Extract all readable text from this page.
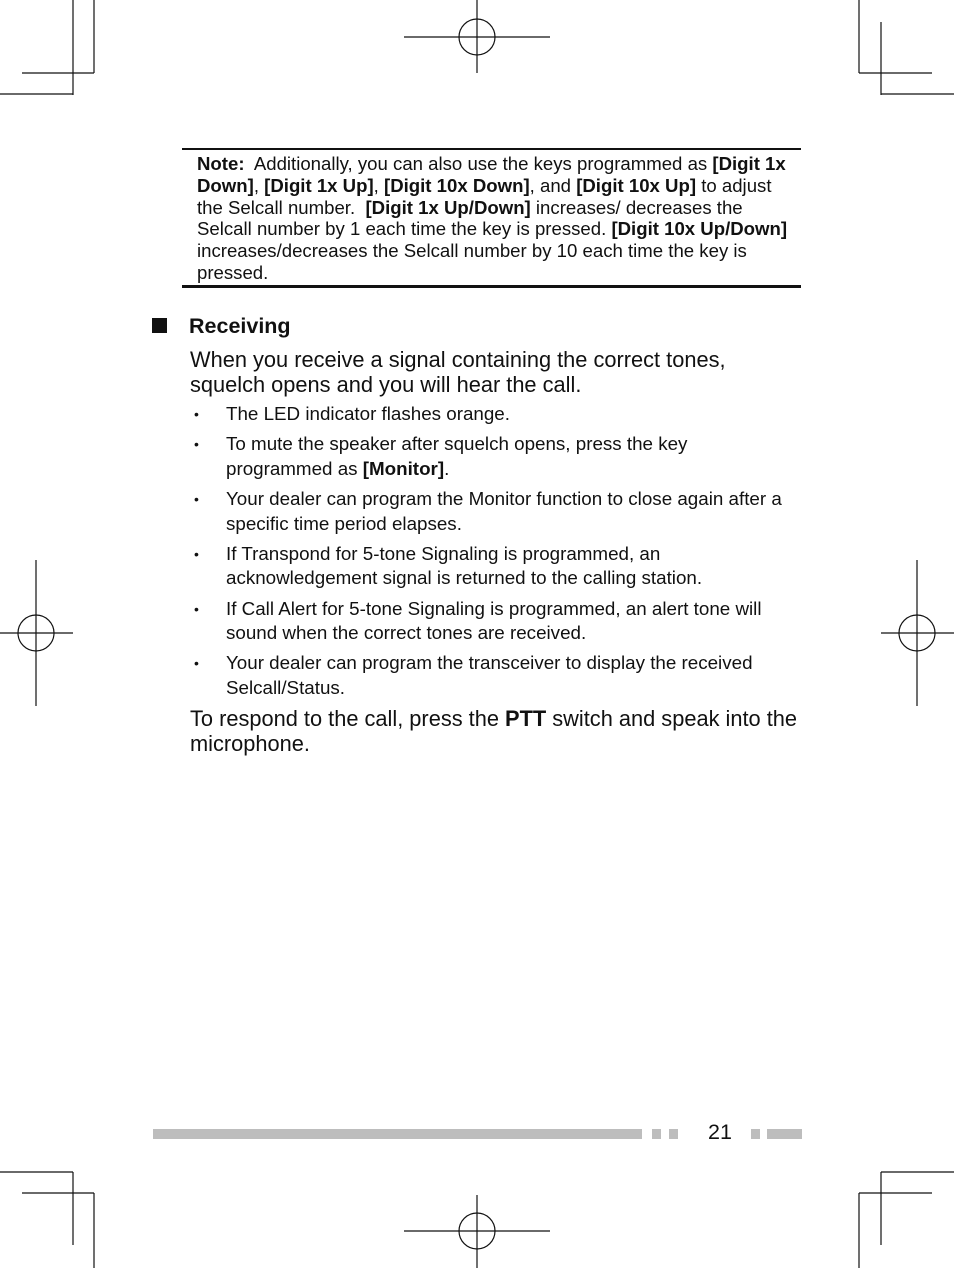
Note: Additionally, you can also use the keys programmed as [Digit 1x Down], [Digit 1x Up], [Digit 10x Down], and [Digit 10x Up] to adjust the Selcall number. [Digit 1x Up/Down] increases/ decreases the Selcall number by 1 each time the key is pressed. [Digit 10x Up/Down] increases/decreases the Selcall number by 10 each time the key is pressed.
Receiving
When you receive a signal containing the correct tones, squelch opens and you will hear the call.
• The LED indicator flashes orange.
• To mute the speaker after squelch opens, press the key programmed as [Monitor].
• Your dealer can program the Monitor function to close again after a specific time period elapses.
• If Transpond for 5-tone Signaling is programmed, an acknowledgement signal is returned to the calling station.
• If Call Alert for 5-tone Signaling is programmed, an alert tone will sound when the correct tones are received.
• Your dealer can program the transceiver to display the received Selcall/Status.
To respond to the call, press the PTT switch and speak into the microphone.
21
